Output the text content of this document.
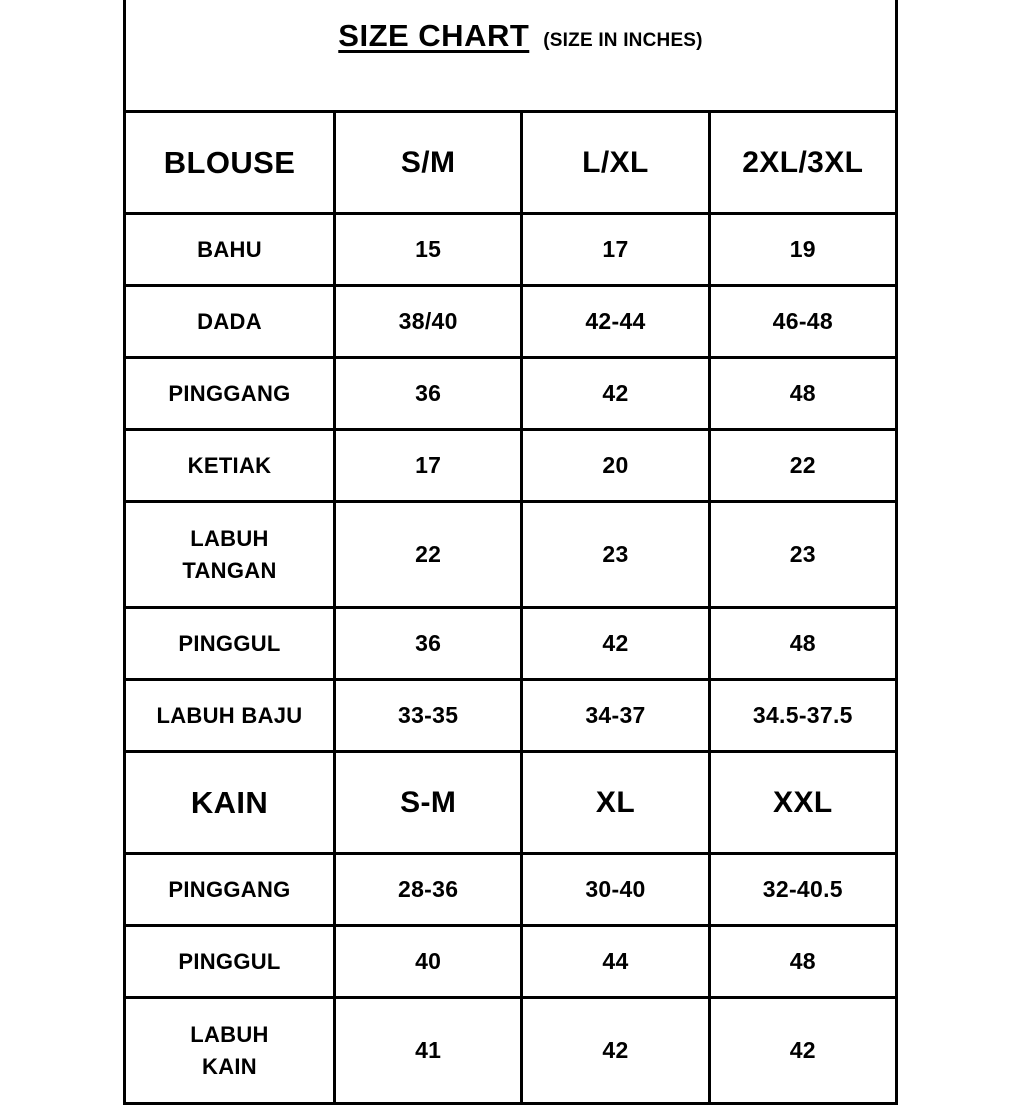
SIZE CHART (SIZE IN INCHES)
BLOUSE	S/M	L/XL	2XL/3XL
BAHU	15	17	19
DADA	38/40	42-44	46-48
PINGGANG	36	42	48
KETIAK	17	20	22

LABUH
TANGAN	22	23	23
PINGGUL	36	42	48
LABUH BAJU	33-35	34-37	34.5-37.5
KAIN	S-M	XL	XXL
PINGGANG	28-36	30-40	32-40.5
PINGGUL	40	44	48

LABUH
KAIN	41	42	42
